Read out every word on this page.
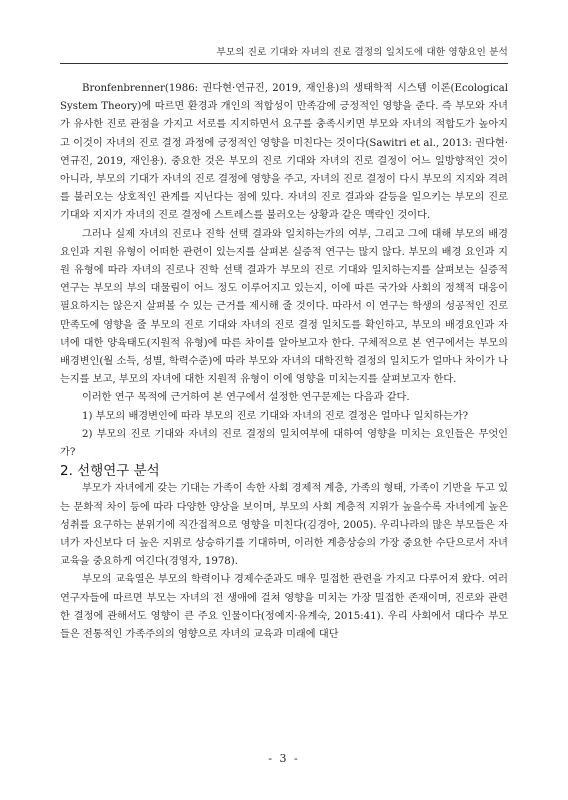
부모의 진로 기대와 자녀의 진로 결정의 일치도에 대한 영향요인 분석

Bronfenbrenner(1986: 권다현·연규진, 2019, 재인용)의 생태학적 시스템 이론(Ecological System Theory)에 따르면 환경과 개인의 적합성이 만족감에 긍정적인 영향을 준다. 즉 부모와 자녀가 유사한 진로 관점을 가지고 서로를 지지하면서 요구를 충족시키면 부모와 자녀의 적합도가 높아지고 이것이 자녀의 진로 결정 과정에 긍정적인 영향을 미친다는 것이다(Sawitri et al., 2013: 권다현·연규진, 2019, 재인용). 중요한 것은 부모의 진로 기대와 자녀의 진로 결정이 어느 일방향적인 것이 아니라, 부모의 기대가 자녀의 진로 결정에 영향을 주고, 자녀의 진로 결정이 다시 부모의 지지와 격려를 불러오는 상호적인 관계를 지닌다는 점에 있다. 자녀의 진로 결과와 갈등을 일으키는 부모의 진로 기대와 지지가 자녀의 진로 결정에 스트레스를 불러오는 상황과 같은 맥락인 것이다.

그러나 실제 자녀의 진로나 진학 선택 결과와 일치하는가의 여부, 그리고 그에 대해 부모의 배경 요인과 지원 유형이 어떠한 관련이 있는지를 살펴본 실증적 연구는 많지 않다. 부모의 배경 요인과 지원 유형에 따라 자녀의 진로나 진학 선택 결과가 부모의 진로 기대와 일치하는지를 살펴보는 실증적 연구는 부모의 부의 대물림이 어느 정도 이루어지고 있는지, 이에 따른 국가와 사회의 정책적 대응이 필요하지는 않은지 살펴볼 수 있는 근거를 제시해 줄 것이다. 따라서 이 연구는 학생의 성공적인 진로 만족도에 영향을 줄 부모의 진로 기대와 자녀의 진로 결정 일치도를 확인하고, 부모의 배경요인과 자녀에 대한 양육태도(지원적 유형)에 따른 차이를 알아보고자 한다. 구체적으로 본 연구에서는 부모의 배경변인(월 소득, 성별, 학력수준)에 따라 부모와 자녀의 대학진학 결정의 일치도가 얼마나 차이가 나는지를 보고, 부모의 자녀에 대한 지원적 유형이 이에 영향을 미치는지를 살펴보고자 한다.

이러한 연구 목적에 근거하여 본 연구에서 설정한 연구문제는 다음과 같다.

1) 부모의 배경변인에 따라 부모의 진로 기대와 자녀의 진로 결정은 얼마나 일치하는가?

2) 부모의 진로 기대와 자녀의 진로 결정의 일치여부에 대하여 영향을 미치는 요인들은 무엇인가?

2. 선행연구 분석

부모가 자녀에게 갖는 기대는 가족이 속한 사회 경제적 계층, 가족의 형태, 가족이 기반을 두고 있는 문화적 차이 등에 따라 다양한 양상을 보이며, 부모의 사회 계층적 지위가 높을수록 자녀에게 높은 성취를 요구하는 분위기에 직간접적으로 영향을 미친다(김경아, 2005). 우리나라의 많은 부모들은 자녀가 자신보다 더 높은 지위로 상승하기를 기대하며, 이러한 계층상승의 가장 중요한 수단으로서 자녀교육을 중요하게 여긴다(경영자, 1978).

부모의 교육열은 부모의 학력이나 경제수준과도 매우 밀접한 관련을 가지고 다루어져 왔다. 여러 연구자들에 따르면 부모는 자녀의 전 생애에 걸쳐 영향을 미치는 가장 밀접한 존재이며, 진로와 관련한 결정에 관해서도 영향이 큰 주요 인물이다(정예지·유계숙, 2015:41). 우리 사회에서 대다수 부모들은 전통적인 가족주의의 영향으로 자녀의 교육과 미래에 대단

- 3 -
